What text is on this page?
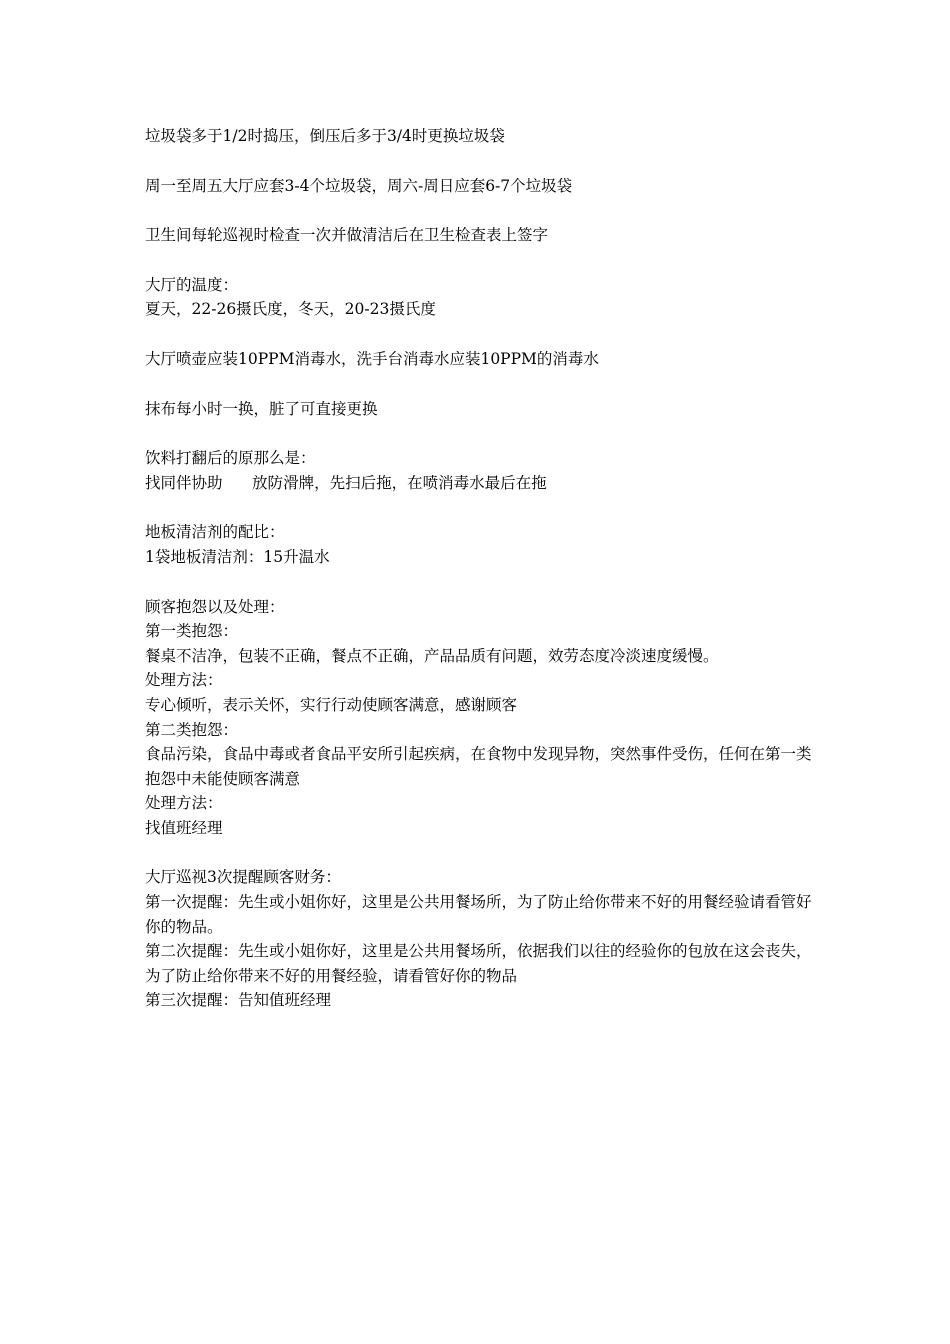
垃圾袋多于1/2时捣压，倒压后多于3/4时更换垃圾袋

周一至周五大厅应套3-4个垃圾袋，周六-周日应套6-7个垃圾袋

卫生间每轮巡视时检查一次并做清洁后在卫生检查表上签字

大厅的温度：

夏天，22-26摄氏度，冬天，20-23摄氏度

大厅喷壶应装10PPM消毒水，洗手台消毒水应装10PPM的消毒水

抹布每小时一换，脏了可直接更换

饮料打翻后的原那么是：

找同伴协助      放防滑牌，先扫后拖，在喷消毒水最后在拖

地板清洁剂的配比：

1袋地板清洁剂：15升温水

顾客抱怨以及处理：

第一类抱怨：

餐桌不洁净，包装不正确，餐点不正确，产品品质有问题，效劳态度冷淡速度缓慢。

处理方法：

专心倾听，表示关怀，实行行动使顾客满意，感谢顾客

第二类抱怨：

食品污染，食品中毒或者食品平安所引起疾病，在食物中发现异物，突然事件受伤，任何在第一类抱怨中未能使顾客满意

处理方法：

找值班经理

大厅巡视3次提醒顾客财务：

第一次提醒：先生或小姐你好，这里是公共用餐场所，为了防止给你带来不好的用餐经验请看管好你的物品。

第二次提醒：先生或小姐你好，这里是公共用餐场所，依据我们以往的经验你的包放在这会丧失，为了防止给你带来不好的用餐经验，请看管好你的物品

第三次提醒：告知值班经理
